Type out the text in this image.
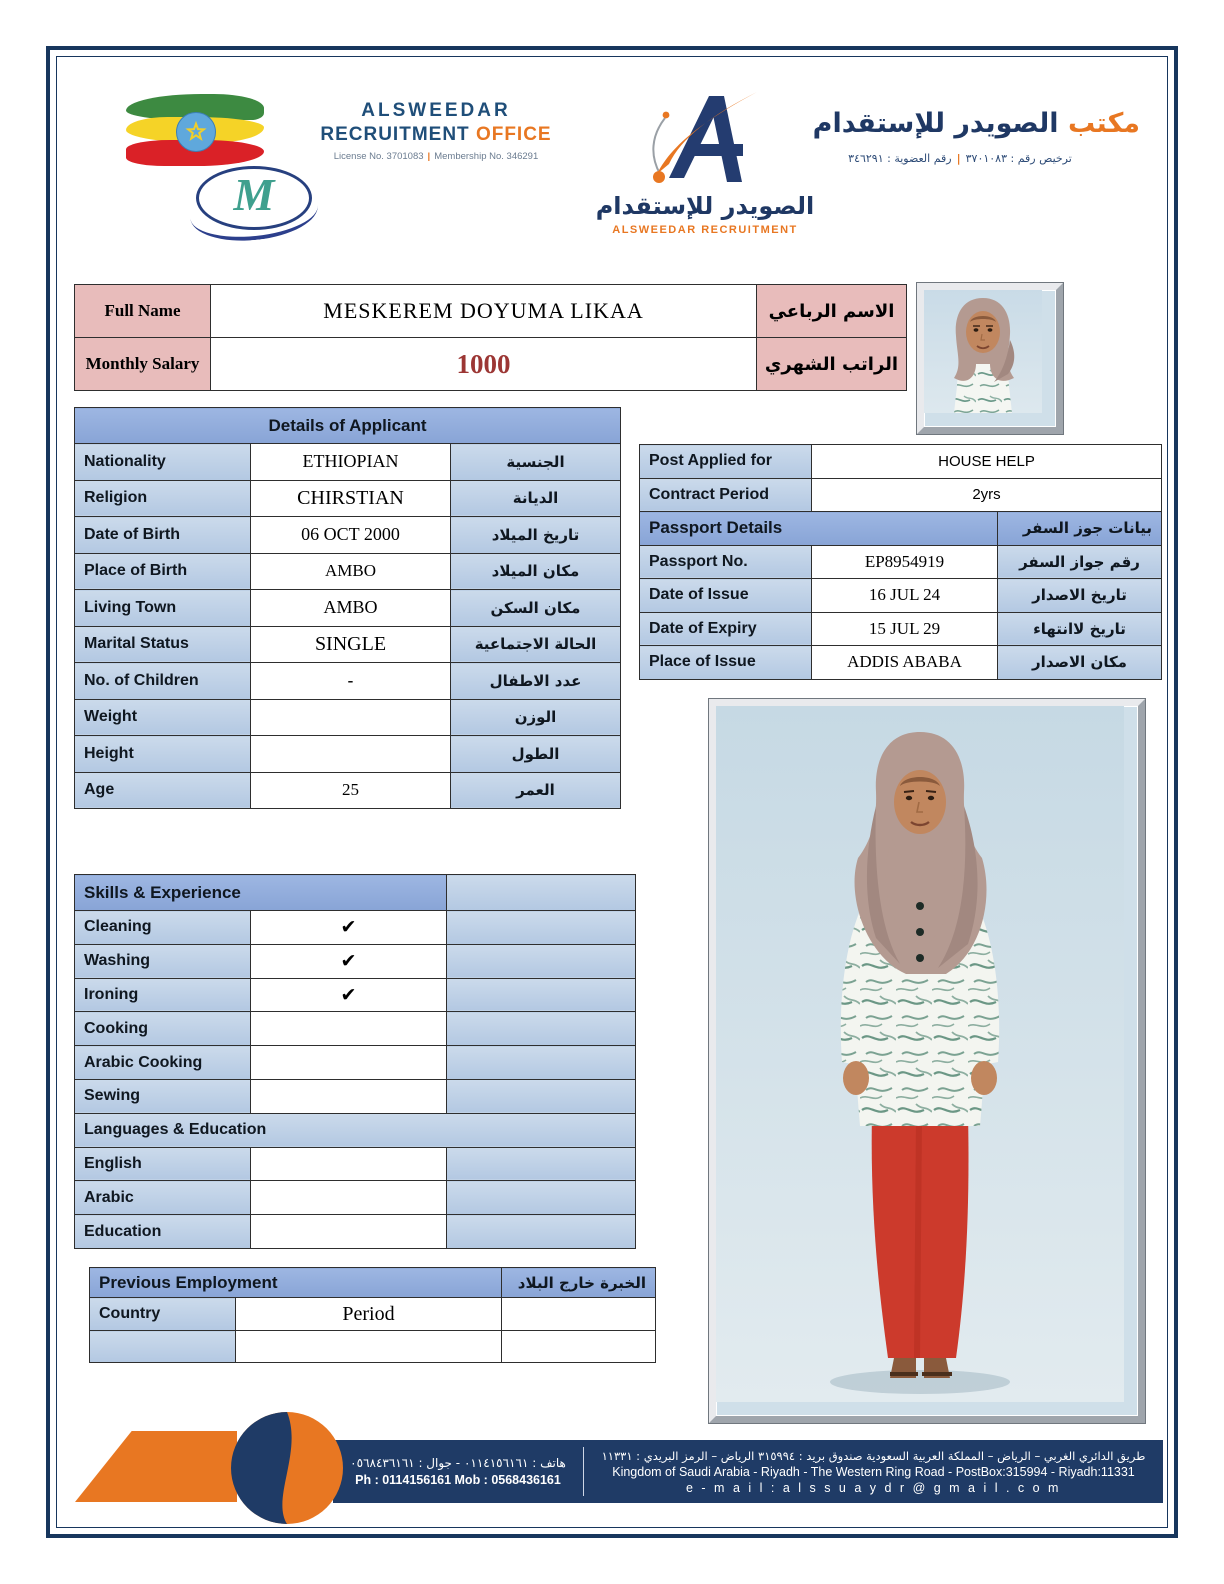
ALSWEEDAR
RECRUITMENT OFFICE
License No. 3701083 | Membership No. 346291
M	الصويدر للإستقدام
ALSWEEDAR RECRUITMENT
مكتب الصويدر للإستقدام
ترخيص رقم : ٣٧٠١٠٨٣|رقم العضوية : ٣٤٦٢٩١
Full Name	MESKEREM DOYUMA LIKAA	الاسم الرباعي
Monthly Salary	1000	الراتب الشهري
Details of Applicant		
Nationality	ETHIOPIAN	الجنسية
Religion	CHIRSTIAN	الديانة
Date of Birth	06 OCT 2000	تاريخ الميلاد
Place of Birth	AMBO	مكان الميلاد
Living Town	AMBO	مكان السكن
Marital Status	SINGLE	الحالة الاجتماعية
No. of Children	-	عدد الاطفال
Weight		الوزن
Height		الطول
Age	25	العمر
Post Applied for	HOUSE HELP	
Contract Period	2yrs	
Passport Details		بيانات جوز السفر
Passport No.	EP8954919	رقم جواز السفر
Date of Issue	16 JUL 24	تاريخ الاصدار
Date of Expiry	15 JUL 29	تاريخ لاانتهاء
Place of Issue	ADDIS ABABA	مكان الاصدار
Skills & Experience		
Cleaning	✔	
Washing	✔	
Ironing	✔	
Cooking		
Arabic Cooking		
Sewing		
Languages & Education		
English		
Arabic		
Education		
Previous Employment		الخبرة خارج البلاد
Country	Period	

هاتف : ٠١١٤١٥٦١٦١ - جوال : ٠٥٦٨٤٣٦١٦١
Ph : 0114156161 Mob : 0568436161
طريق الدائري الغربي – الرياض – المملكة العربية السعودية صندوق بريد : ٣١٥٩٩٤ الرياض – الرمز البريدي : ١١٣٣١
Kingdom of Saudi Arabia - Riyadh - The Western Ring Road - PostBox:315994 - Riyadh:11331
e - m a i l : a l s s u a y d r @ g m a i l . c o m
